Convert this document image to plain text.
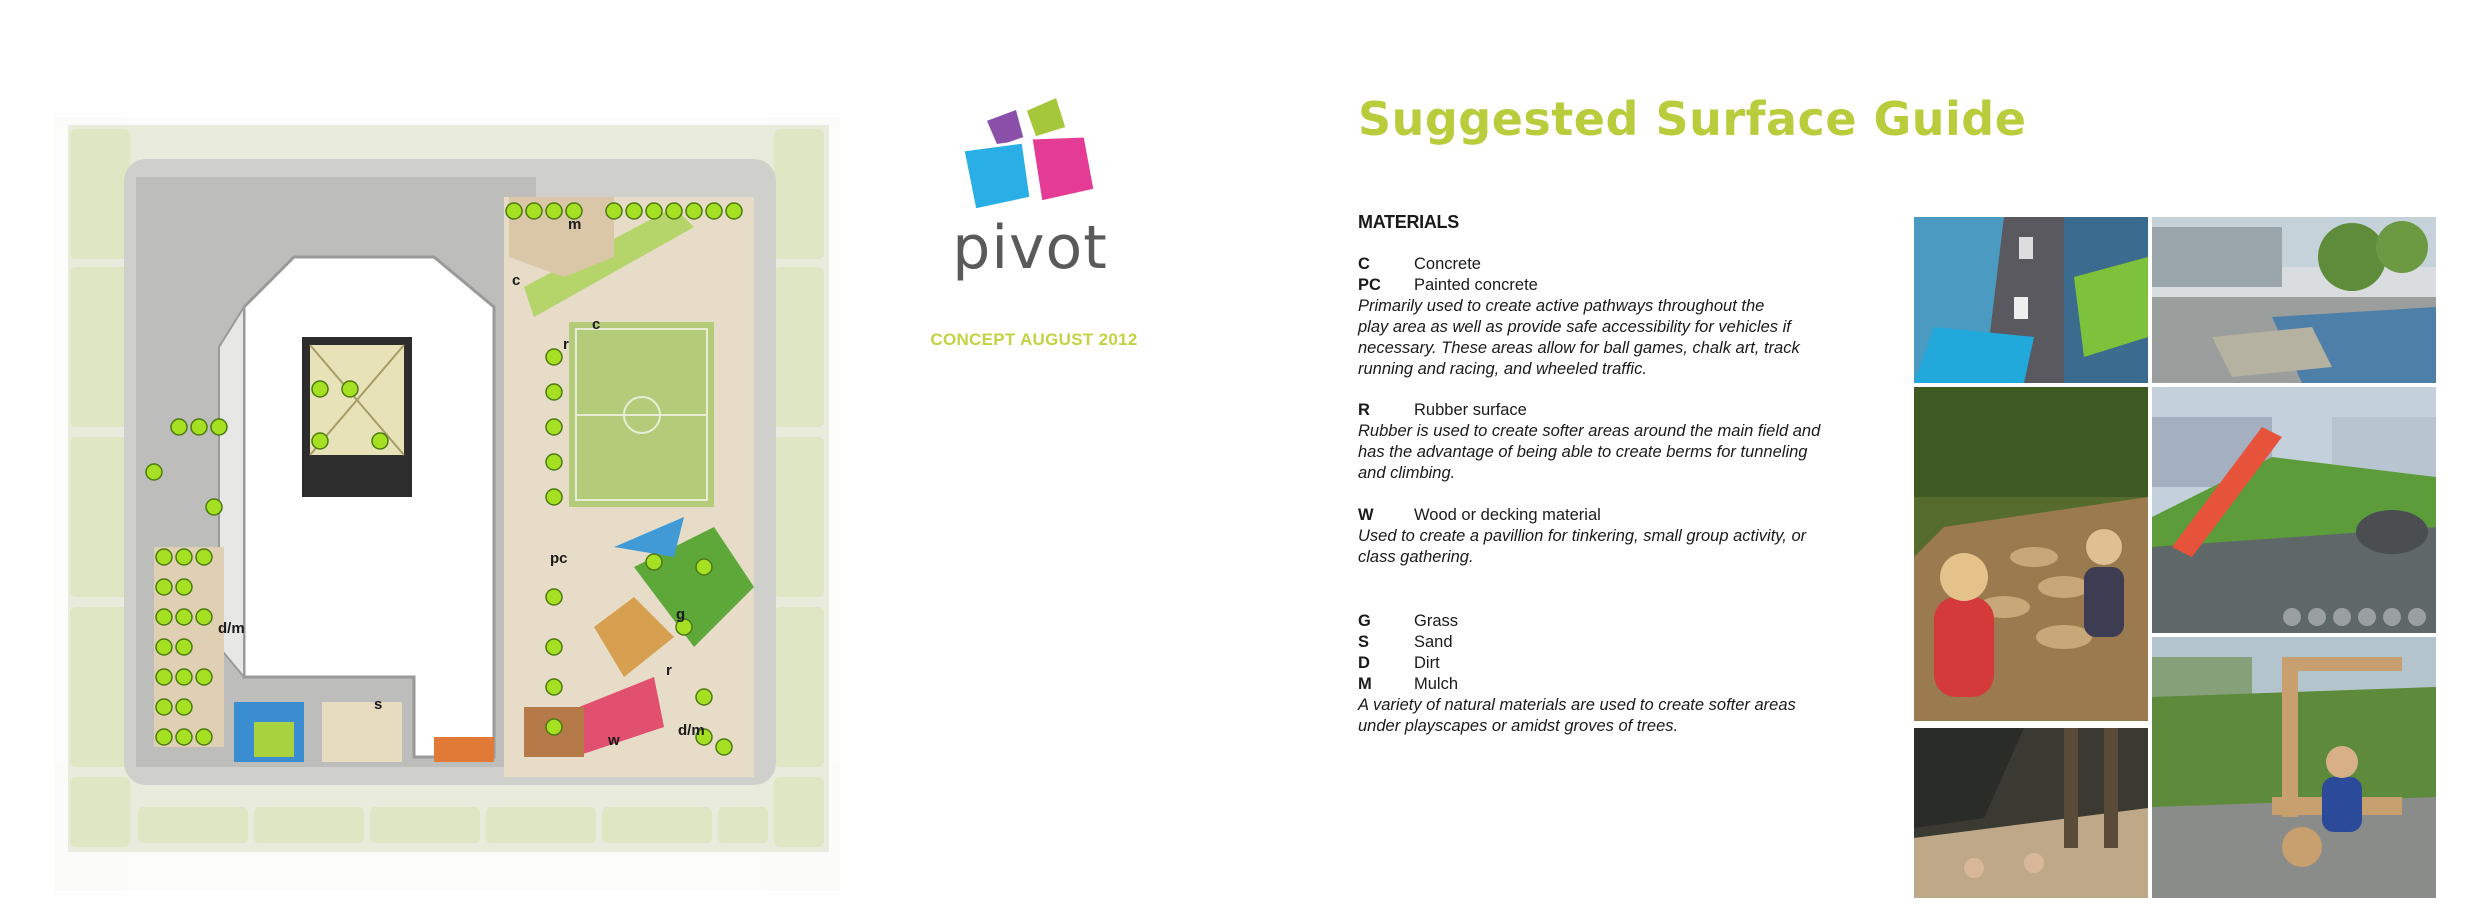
m
c
c
r
pc
g
r
w
s
d/m
d/m
pivot
CONCEPT AUGUST 2012
Suggested Surface Guide
MATERIALS
C	Concrete
PC Painted concrete
Primarily used to create active pathways throughout the
play area as well as provide safe accessibility for vehicles if
necessary. These areas allow for ball games, chalk art, track
running and racing, and wheeled traffic.
R	Rubber surface
Rubber is used to create softer areas around the main field and
has the advantage of being able to create berms for tunneling
and climbing.
W Wood or decking material
Used to create a pavillion for tinkering, small group activity, or
class gathering.
G	Grass
S	Sand
D	Dirt
M	Mulch
A variety of natural materials are used to create softer areas
under playscapes or amidst groves of trees.
